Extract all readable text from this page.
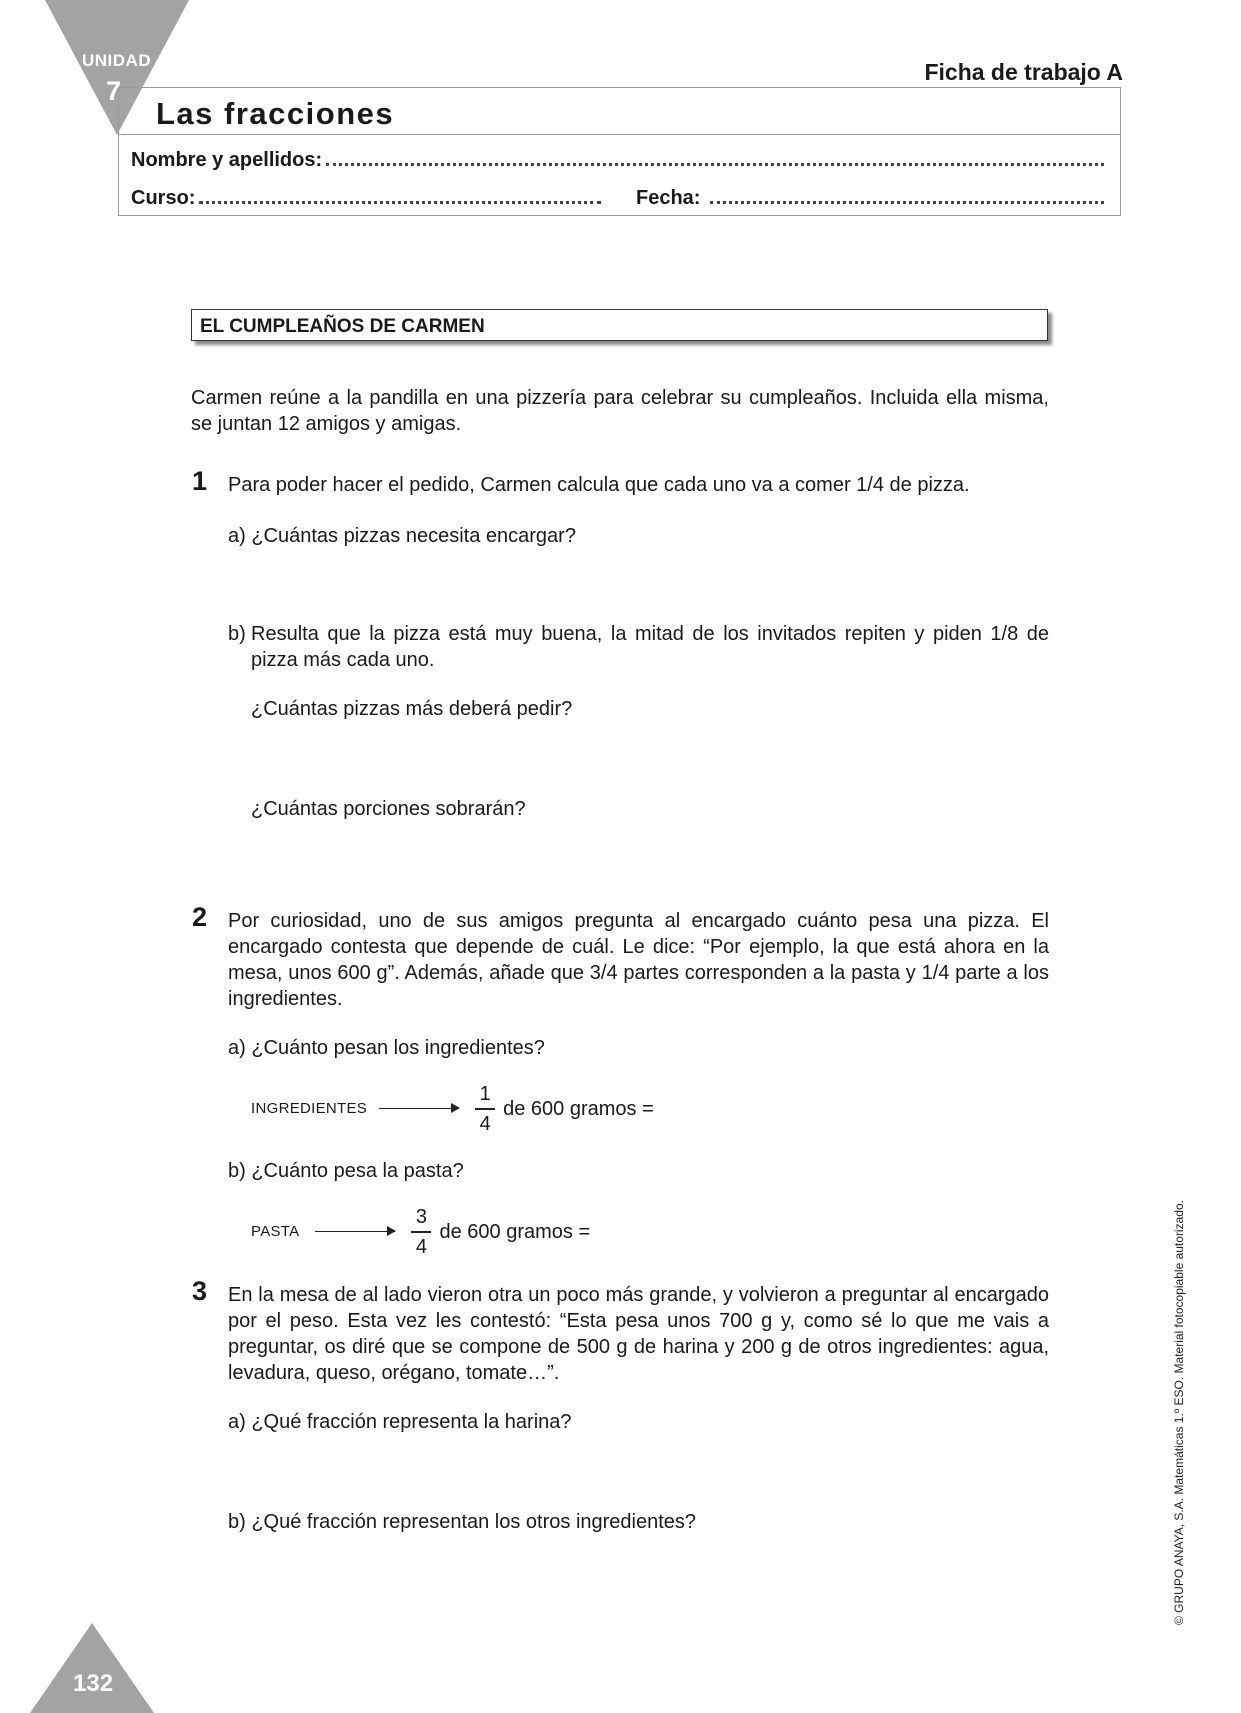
UNIDAD
7
Ficha de trabajo A
Las fracciones
Nombre y apellidos:
Curso:	Fecha:
EL CUMPLEAÑOS DE CARMEN
Carmen reúne a la pandilla en una pizzería para celebrar su cumpleaños. Incluida ella misma, se juntan 12 amigos y amigas.
1 Para poder hacer el pedido, Carmen calcula que cada uno va a comer 1/4 de pizza.
a) ¿Cuántas pizzas necesita encargar?
b) Resulta que la pizza está muy buena, la mitad de los invitados repiten y piden 1/8 de pizza más cada uno.
¿Cuántas pizzas más deberá pedir?
¿Cuántas porciones sobrarán?
2 Por curiosidad, uno de sus amigos pregunta al encargado cuánto pesa una pizza. El encargado contesta que depende de cuál. Le dice: “Por ejemplo, la que está ahora en la mesa, unos 600 g”. Además, añade que 3/4 partes corresponden a la pasta y 1/4 parte a los ingredientes.
a) ¿Cuánto pesan los ingredientes?
INGREDIENTES	$\frac{1}{4}$ de 600 gramos =
b) ¿Cuánto pesa la pasta?
PASTA	$\frac{3}{4}$ de 600 gramos =
3 En la mesa de al lado vieron otra un poco más grande, y volvieron a preguntar al encargado por el peso. Esta vez les contestó: “Esta pesa unos 700 g y, como sé lo que me vais a preguntar, os diré que se compone de 500 g de harina y 200 g de otros ingredientes: agua, levadura, queso, orégano, tomate…”.
a) ¿Qué fracción representa la harina?
b) ¿Qué fracción representan los otros ingredientes?
132
© GRUPO ANAYA, S.A. Matemáticas 1.º ESO. Material fotocopiable autorizado.
